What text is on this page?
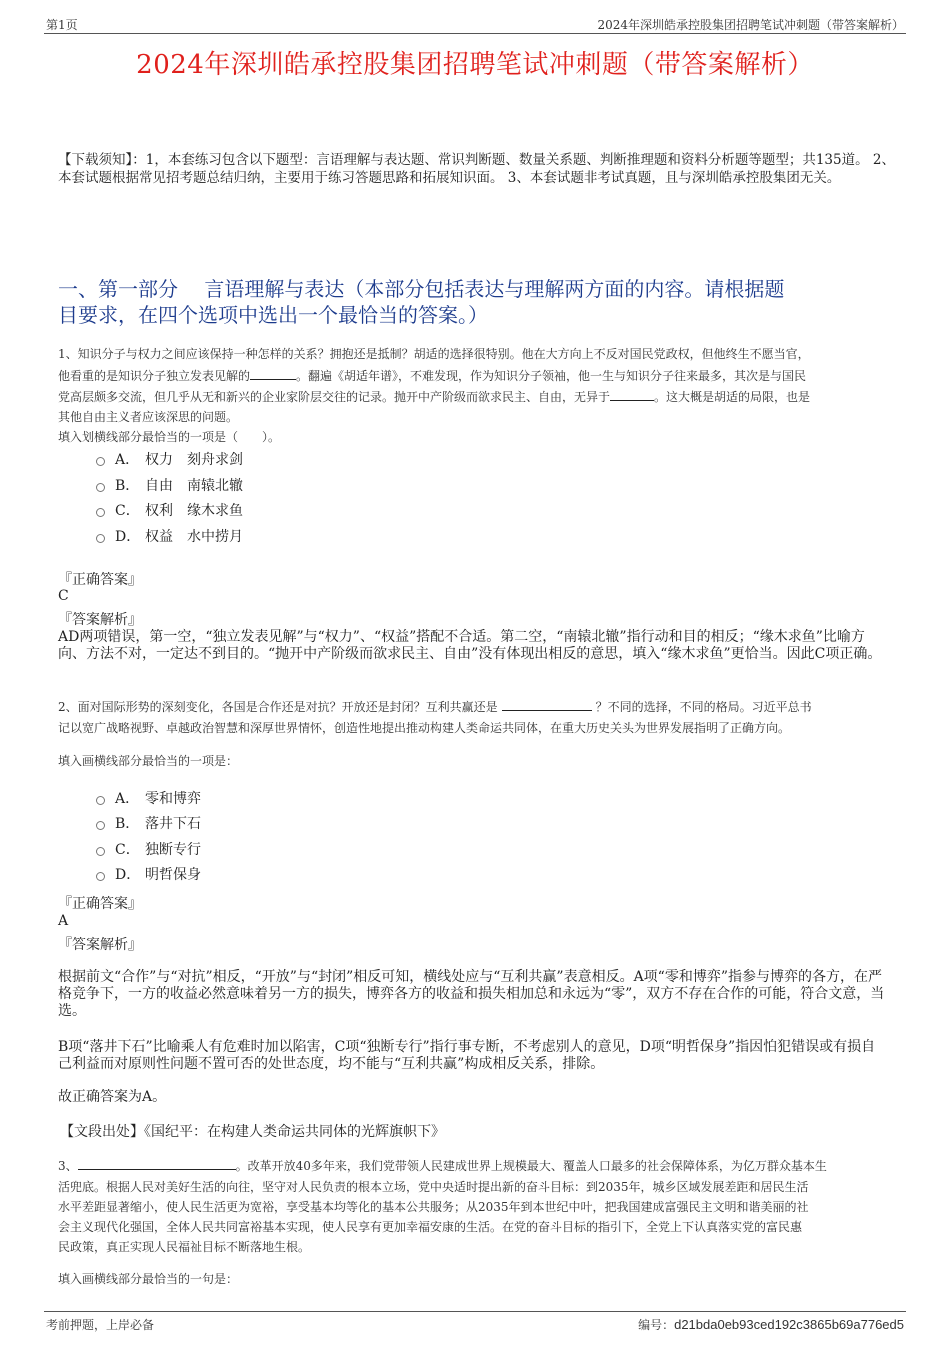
第1页	2024年深圳皓承控股集团招聘笔试冲刺题（带答案解析）
2024年深圳皓承控股集团招聘笔试冲刺题（带答案解析）
【下载须知】：1，本套练习包含以下题型：言语理解与表达题、常识判断题、数量关系题、判断推理题和资料分析题等题型；共135道。 2、本套试题根据常见招考题总结归纳，主要用于练习答题思路和拓展知识面。 3、本套试题非考试真题，且与深圳皓承控股集团无关。
一、第一部分　 言语理解与表达（本部分包括表达与理解两方面的内容。请根据题
目要求，在四个选项中选出一个最恰当的答案。）
1、知识分子与权力之间应该保持一种怎样的关系？拥抱还是抵制？胡适的选择很特别。他在大方向上不反对国民党政权，但他终生不愿当官，
他看重的是知识分子独立发表见解的	。翻遍《胡适年谱》，不难发现，作为知识分子领袖，他一生与知识分子往来最多，其次是与国民
党高层颇多交流，但几乎从无和新兴的企业家阶层交往的记录。抛开中产阶级而欲求民主、自由，无异于	。这大概是胡适的局限，也是
其他自由主义者应该深思的问题。
填入划横线部分最恰当的一项是（　　）。
A． 权力 刻舟求剑
B． 自由 南辕北辙
C． 权利 缘木求鱼
D． 权益 水中捞月
『正确答案』
C
『答案解析』
AD两项错误，第一空，“独立发表见解”与“权力”、“权益”搭配不合适。第二空，“南辕北辙”指行动和目的相反；“缘木求鱼”比喻方向、方法不对，一定达不到目的。“抛开中产阶级而欲求民主、自由”没有体现出相反的意思，填入“缘木求鱼”更恰当。因此C项正确。
2、面对国际形势的深刻变化，各国是合作还是对抗？开放还是封闭？互利共赢还是	？不同的选择，不同的格局。习近平总书
记以宽广战略视野、卓越政治智慧和深厚世界情怀，创造性地提出推动构建人类命运共同体，在重大历史关头为世界发展指明了正确方向。
填入画横线部分最恰当的一项是：
A． 零和博弈
B． 落井下石
C． 独断专行
D． 明哲保身
『正确答案』
A
『答案解析』
根据前文“合作”与“对抗”相反，“开放”与“封闭”相反可知，横线处应与“互利共赢”表意相反。A项“零和博弈”指参与博弈的各方，在严格竞争下，一方的收益必然意味着另一方的损失，博弈各方的收益和损失相加总和永远为“零”，双方不存在合作的可能，符合文意，当选。
B项“落井下石”比喻乘人有危难时加以陷害，C项“独断专行”指行事专断，不考虑别人的意见，D项“明哲保身”指因怕犯错误或有损自己利益而对原则性问题不置可否的处世态度，均不能与“互利共赢”构成相反关系，排除。
故正确答案为A。
【文段出处】《国纪平：在构建人类命运共同体的光辉旗帜下》
3、	。改革开放40多年来，我们党带领人民建成世界上规模最大、覆盖人口最多的社会保障体系，为亿万群众基本生
活兜底。根据人民对美好生活的向往，坚守对人民负责的根本立场，党中央适时提出新的奋斗目标：到2035年，城乡区域发展差距和居民生活
水平差距显著缩小，使人民生活更为宽裕，享受基本均等化的基本公共服务；从2035年到本世纪中叶，把我国建成富强民主文明和谐美丽的社
会主义现代化强国，全体人民共同富裕基本实现，使人民享有更加幸福安康的生活。在党的奋斗目标的指引下，全党上下认真落实党的富民惠
民政策，真正实现人民福祉目标不断落地生根。
填入画横线部分最恰当的一句是：
考前押题，上岸必备	编号：d21bda0eb93ced192c3865b69a776ed5
